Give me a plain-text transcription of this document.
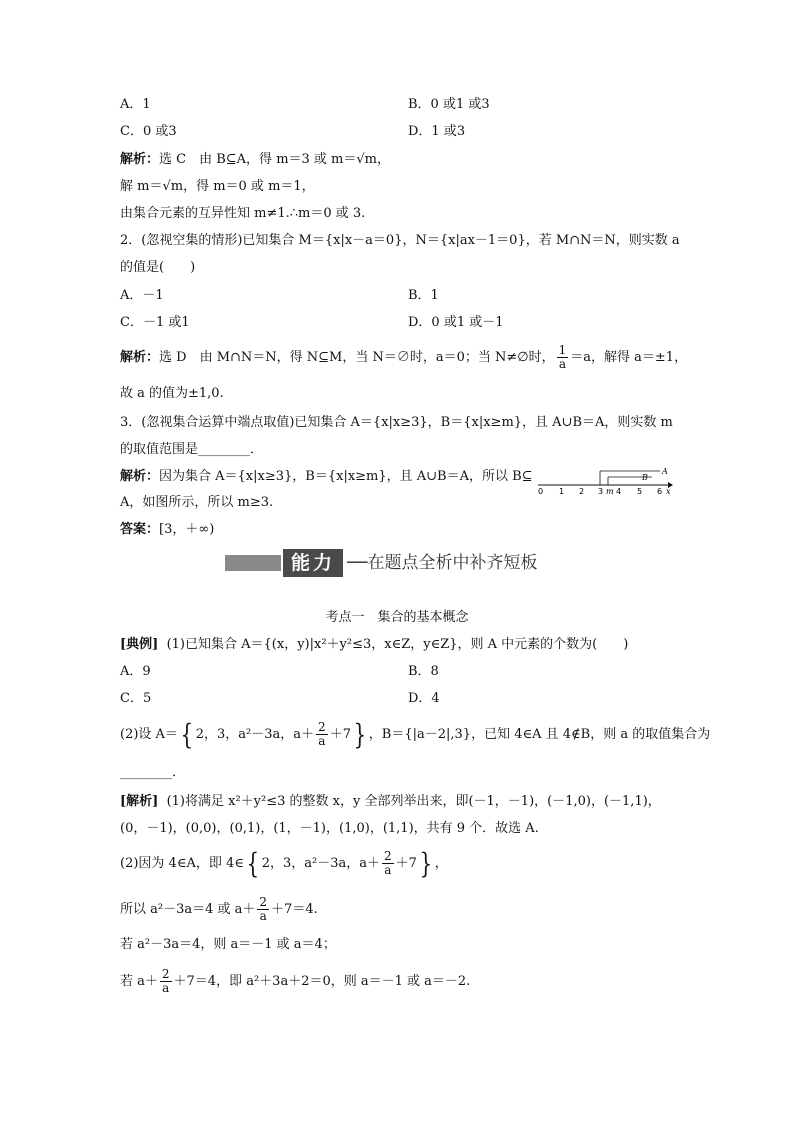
A．1	B．0 或1 或3
C．0 或3	D．1 或3
解析：选 C　由 B⊆A，得 m＝3 或 m＝√m，
解 m＝√m，得 m＝0 或 m＝1，
由集合元素的互异性知 m≠1.∴m＝0 或 3.
2．(忽视空集的情形)已知集合 M＝{x|x－a＝0}，N＝{x|ax－1＝0}，若 M∩N＝N，则实数 a
的值是(　　)
A．－1	B．1
C．－1 或1	D．0 或1 或－1
解析：选 D　由 M∩N＝N，得 N⊆M，当 N＝∅时，a＝0；当 N≠∅时， $\frac{1}{a} =a$，解得 a＝±1，
故 a 的值为±1,0.
3．(忽视集合运算中端点取值)已知集合 A＝{x|x≥3}，B＝{x|x≥m}，且 A∪B＝A，则实数 m
的取值范围是________．
解析：因为集合 A＝{x|x≥3}，B＝{x|x≥m}，且 A∪B＝A，所以 B⊆
A，如图所示，所以 m≥3.
答案：[3，＋∞)
A
B
0 1 2 3 m 4 5 6 x
能力 ──在题点全析中补齐短板
考点一　集合的基本概念
[典例] (1)已知集合 A＝{(x，y)|x²＋y²≤3，x∈Z，y∈Z}，则 A 中元素的个数为(　　)
A．9	B．8
C．5	D．4
(2)设 A＝{ 2，3，a²－3a，$a+ \frac{2}{a} +7$} ，B＝{|a－2|,3}，已知 4∈A 且 4∉B，则 a 的取值集合为
________．
[解析] (1)将满足 x²＋y²≤3 的整数 x，y 全部列举出来，即(－1，－1)，(－1,0)，(－1,1)，
(0，－1)，(0,0)，(0,1)，(1，－1)，(1,0)，(1,1)，共有 9 个．故选 A.
(2)因为 4∈A，即 4∈{ 2，3，a²－3a，$a+ \frac{2}{a} +7$} ，
所以 a²－3a＝4 或 $a+ \frac{2}{a} +7=4$.
若 a²－3a＝4，则 a＝－1 或 a＝4；
若 $a+ \frac{2}{a} +7=4$，即 a²＋3a＋2＝0，则 a＝－1 或 a＝－2.
